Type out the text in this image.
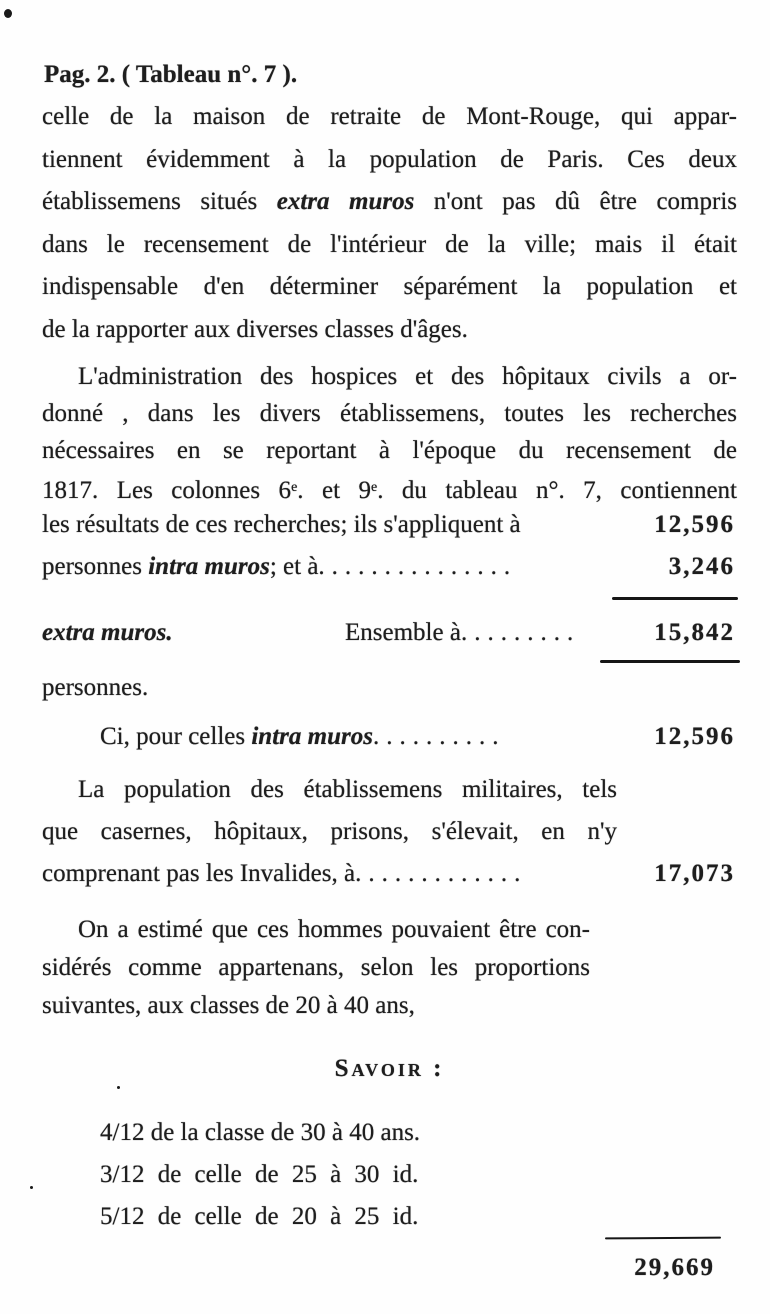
Pag. 2. ( Tableau n°. 7 ).
celle de la maison de retraite de Mont-Rouge, qui appar-
tiennent évidemment à la population de Paris. Ces deux
établissemens situés extra muros n'ont pas dû être compris
dans le recensement de l'intérieur de la ville; mais il était
indispensable d'en déterminer séparément la population et
de la rapporter aux diverses classes d'âges.
L'administration des hospices et des hôpitaux civils a or-
donné , dans les divers établissemens, toutes les recherches
nécessaires en se reportant à l'époque du recensement de
1817. Les colonnes 6e. et 9e. du tableau n°. 7, contiennent
les résultats de ces recherches; ils s'appliquent à	12,596
personnes intra muros; et à...............	3,246
extra muros.	Ensemble à.........	15,842
personnes.
Ci, pour celles intra muros..........	12,596
La population des établissemens militaires, tels
que casernes, hôpitaux, prisons, s'élevait, en n'y
comprenant pas les Invalides, à.............	17,073
On a estimé que ces hommes pouvaient être con-
sidérés comme appartenans, selon les proportions
suivantes, aux classes de 20 à 40 ans,
Savoir :
4/12 de la classe de 30 à 40 ans.
3/12 de celle de 25 à 30 id.
5/12 de celle de 20 à 25 id.
29,669
